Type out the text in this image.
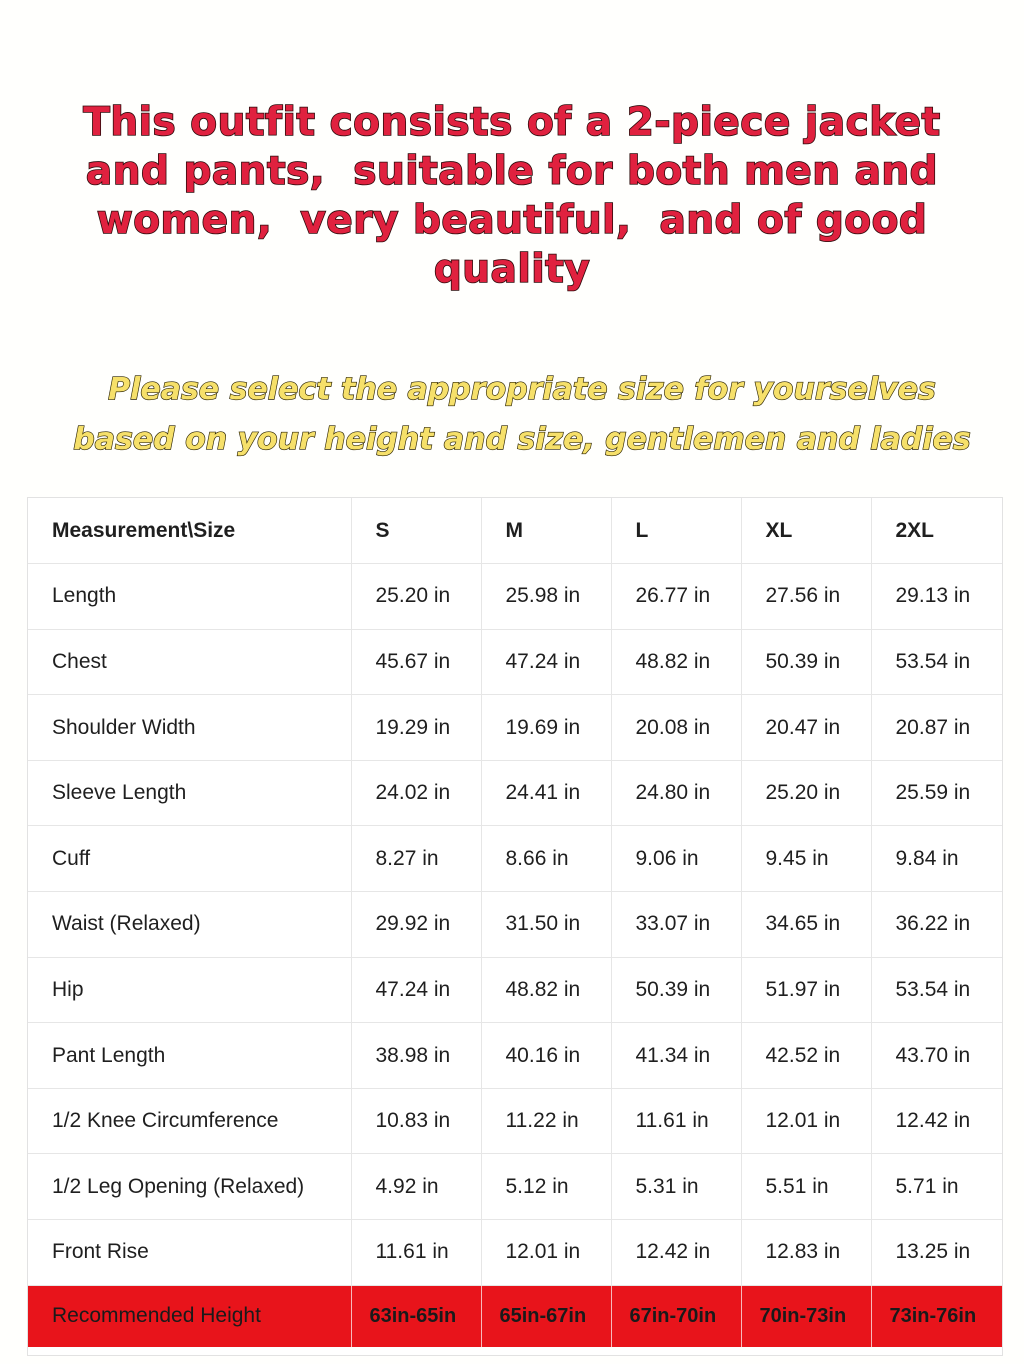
This outfit consists of a 2-piece jacket
and pants,  suitable for both men and
women,  very beautiful,  and of good
quality
Please select the appropriate size for yourselves
based on your height and size, gentlemen and ladies
Measurement\Size	S	M	L	XL	2XL
Length	25.20 in	25.98 in	26.77 in	27.56 in	29.13 in
Chest	45.67 in	47.24 in	48.82 in	50.39 in	53.54 in
Shoulder Width	19.29 in	19.69 in	20.08 in	20.47 in	20.87 in
Sleeve Length	24.02 in	24.41 in	24.80 in	25.20 in	25.59 in
Cuff	8.27 in	8.66 in	9.06 in	9.45 in	9.84 in
Waist (Relaxed)	29.92 in	31.50 in	33.07 in	34.65 in	36.22 in
Hip	47.24 in	48.82 in	50.39 in	51.97 in	53.54 in
Pant Length	38.98 in	40.16 in	41.34 in	42.52 in	43.70 in
1/2 Knee Circumference	10.83 in	11.22 in	11.61 in	12.01 in	12.42 in
1/2 Leg Opening (Relaxed)	4.92 in	5.12 in	5.31 in	5.51 in	5.71 in
Front Rise	11.61 in	12.01 in	12.42 in	12.83 in	13.25 in
Recommended Height	63in-65in	65in-67in	67in-70in	70in-73in	73in-76in
